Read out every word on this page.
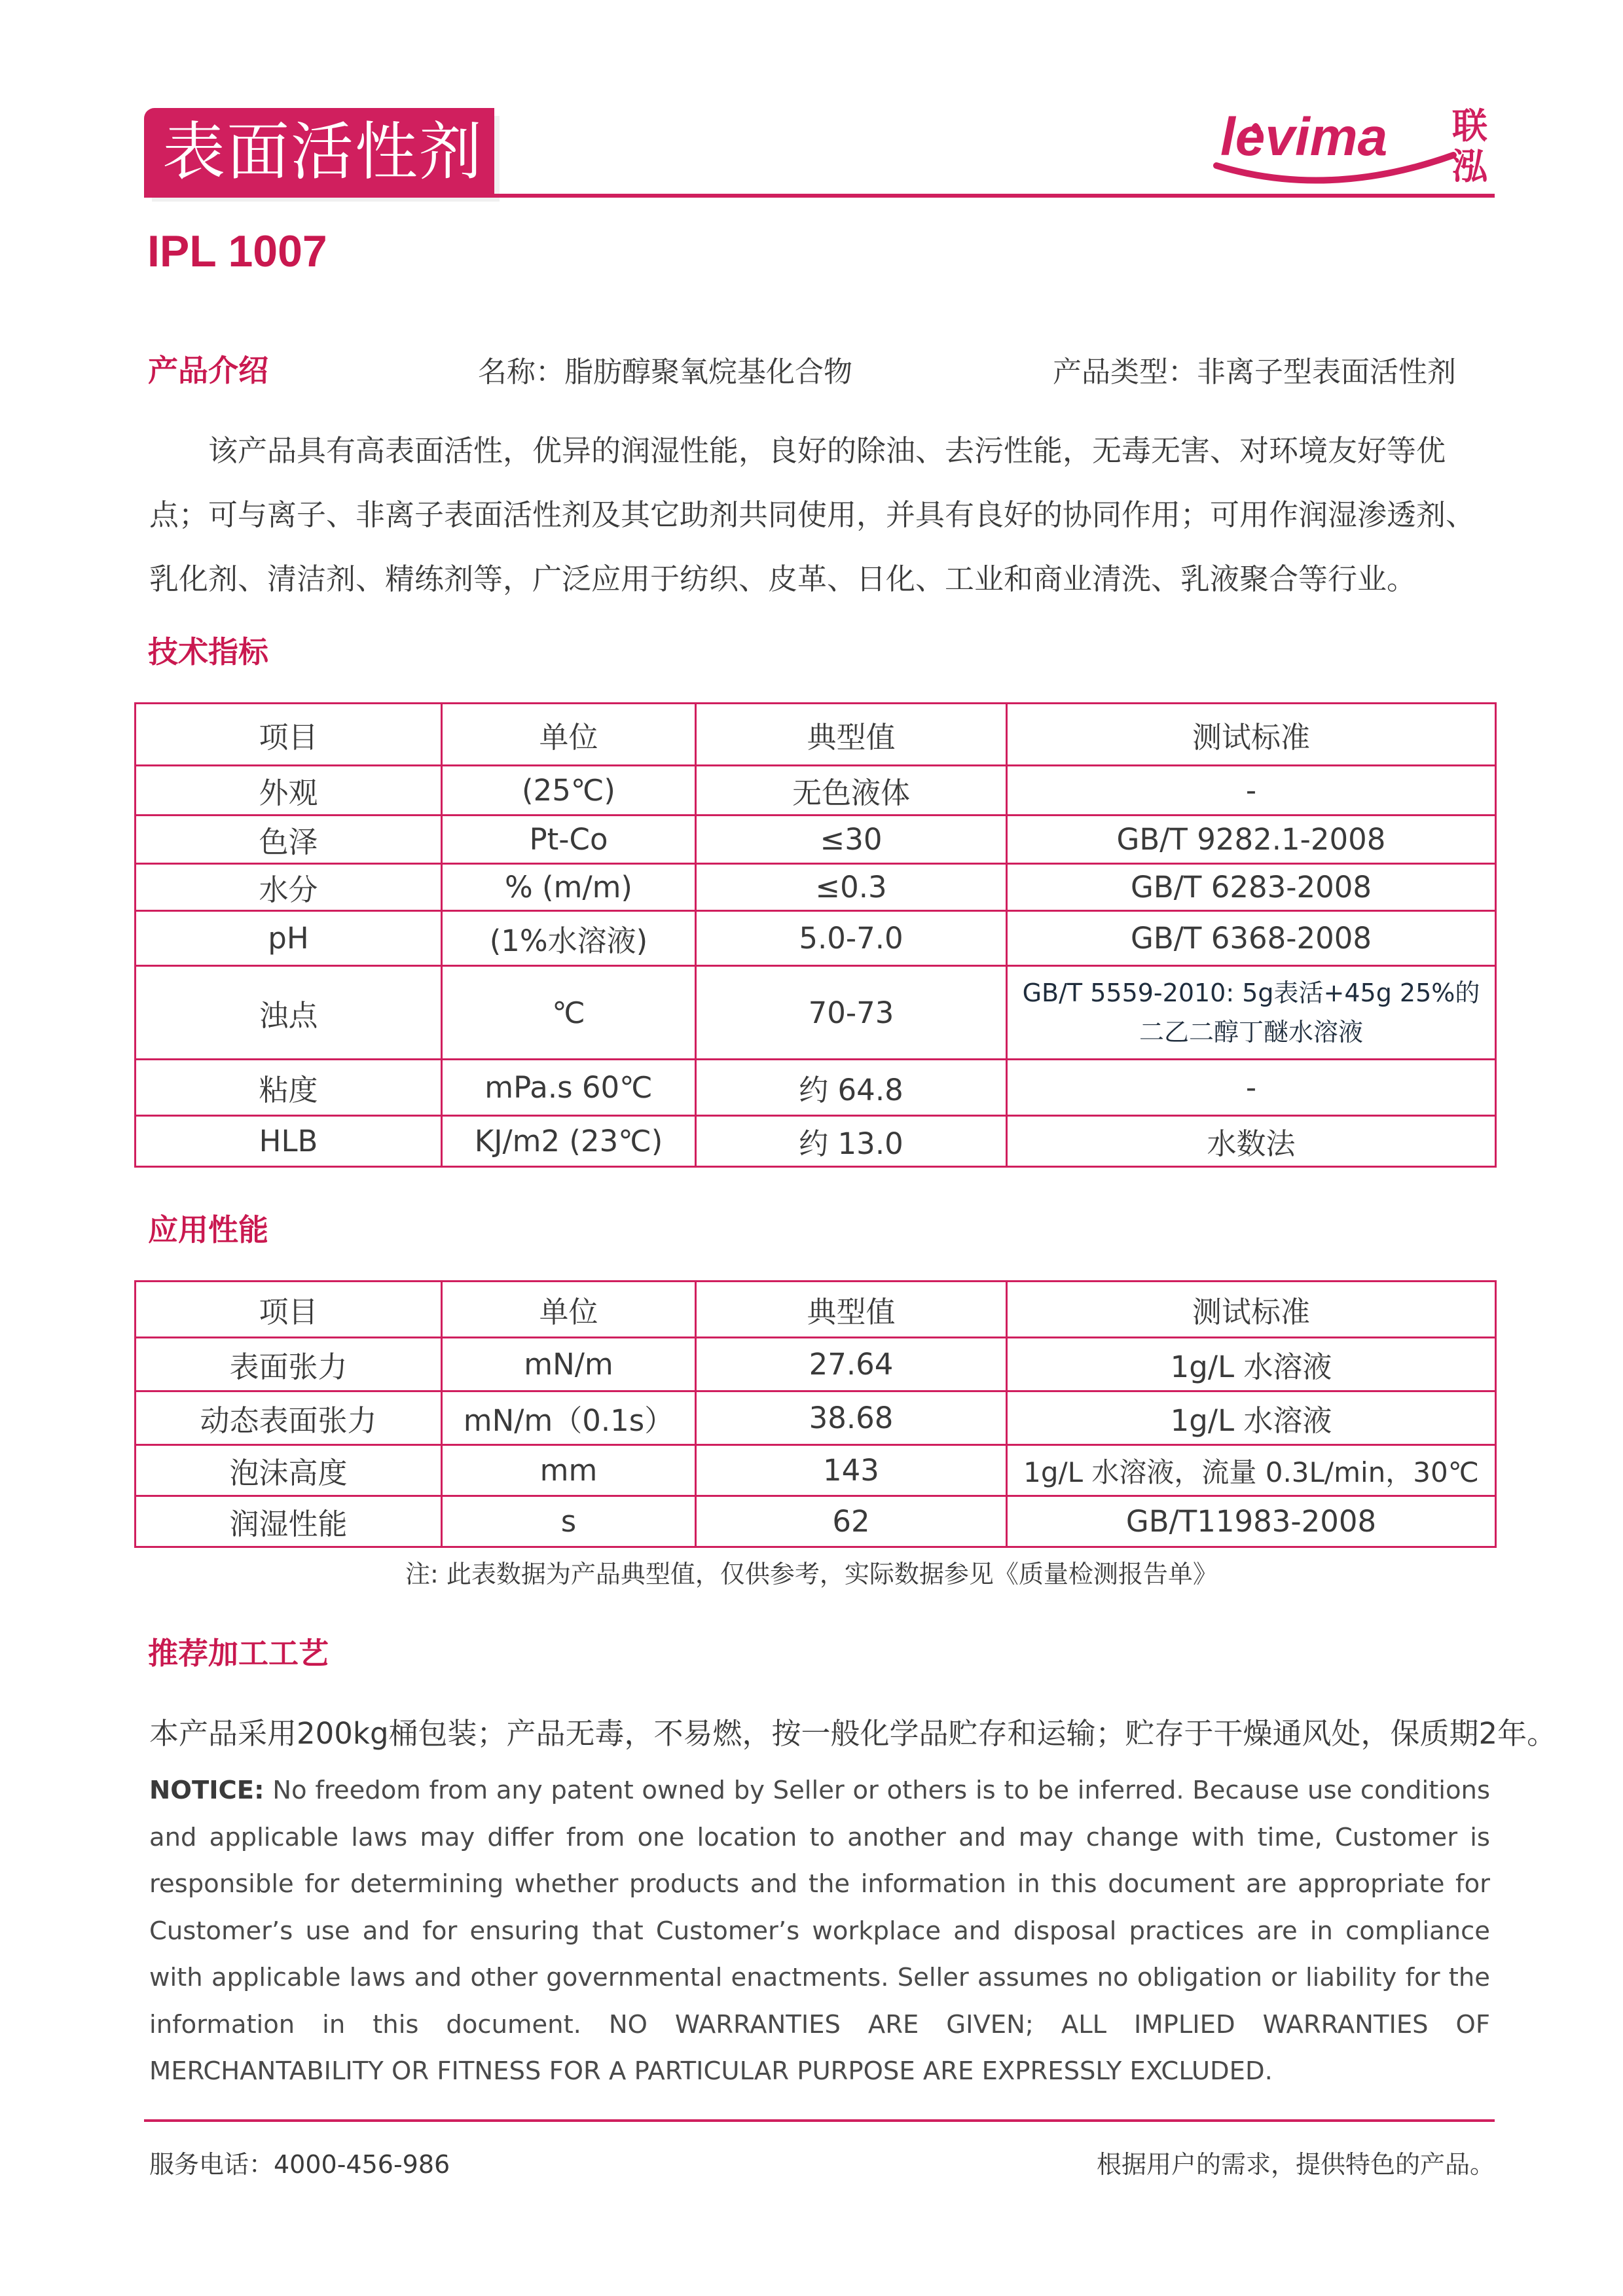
表面活性剂	levima 联
泓
IPL 1007
产品介绍	名称：脂肪醇聚氧烷基化合物	产品类型：非离子型表面活性剂

该产品具有高表面活性，优异的润湿性能，良好的除油、去污性能，无毒无害、对环境友好等优点；可与离子、非离子表面活性剂及其它助剂共同使用，并具有良好的协同作用；可用作润湿渗透剂、乳化剂、清洁剂、精练剂等，广泛应用于纺织、皮革、日化、工业和商业清洗、乳液聚合等行业。

技术指标
项目	单位	典型值	测试标准
外观	(25℃)	无色液体	-
色泽	Pt-Co	≤30	GB/T 9282.1-2008
水分	% (m/m)	≤0.3	GB/T 6283-2008
pH	(1%水溶液)	5.0-7.0	GB/T 6368-2008
浊点	℃	70-73	GB/T 5559-2010: 5g表活+45g 25%的二乙二醇丁醚水溶液
粘度	mPa.s 60℃	约 64.8	-
HLB	KJ/m2 (23℃)	约 13.0	水数法
应用性能
项目	单位	典型值	测试标准
表面张力	mN/m	27.64	1g/L 水溶液
动态表面张力	mN/m（0.1s）	38.68	1g/L 水溶液
泡沫高度	mm	143	1g/L 水溶液，流量 0.3L/min，30℃
润湿性能	s	62	GB/T11983-2008
注: 此表数据为产品典型值，仅供参考，实际数据参见《质量检测报告单》
推荐加工工艺
本产品采用200kg桶包装；产品无毒，不易燃，按一般化学品贮存和运输；贮存于干燥通风处，保质期2年。
NOTICE: No freedom from any patent owned by Seller or others is to be inferred. Because use conditions and applicable laws may differ from one location to another and may change with time, Customer is responsible for determining whether products and the information in this document are appropriate for Customer’s use and for ensuring that Customer’s workplace and disposal practices are in compliance with applicable laws and other governmental enactments. Seller assumes no obligation or liability for the information in this document. NO WARRANTIES ARE GIVEN; ALL IMPLIED WARRANTIES OF MERCHANTABILITY OR FITNESS FOR A PARTICULAR PURPOSE ARE EXPRESSLY EXCLUDED.
服务电话：4000-456-986	根据用户的需求，提供特色的产品。
